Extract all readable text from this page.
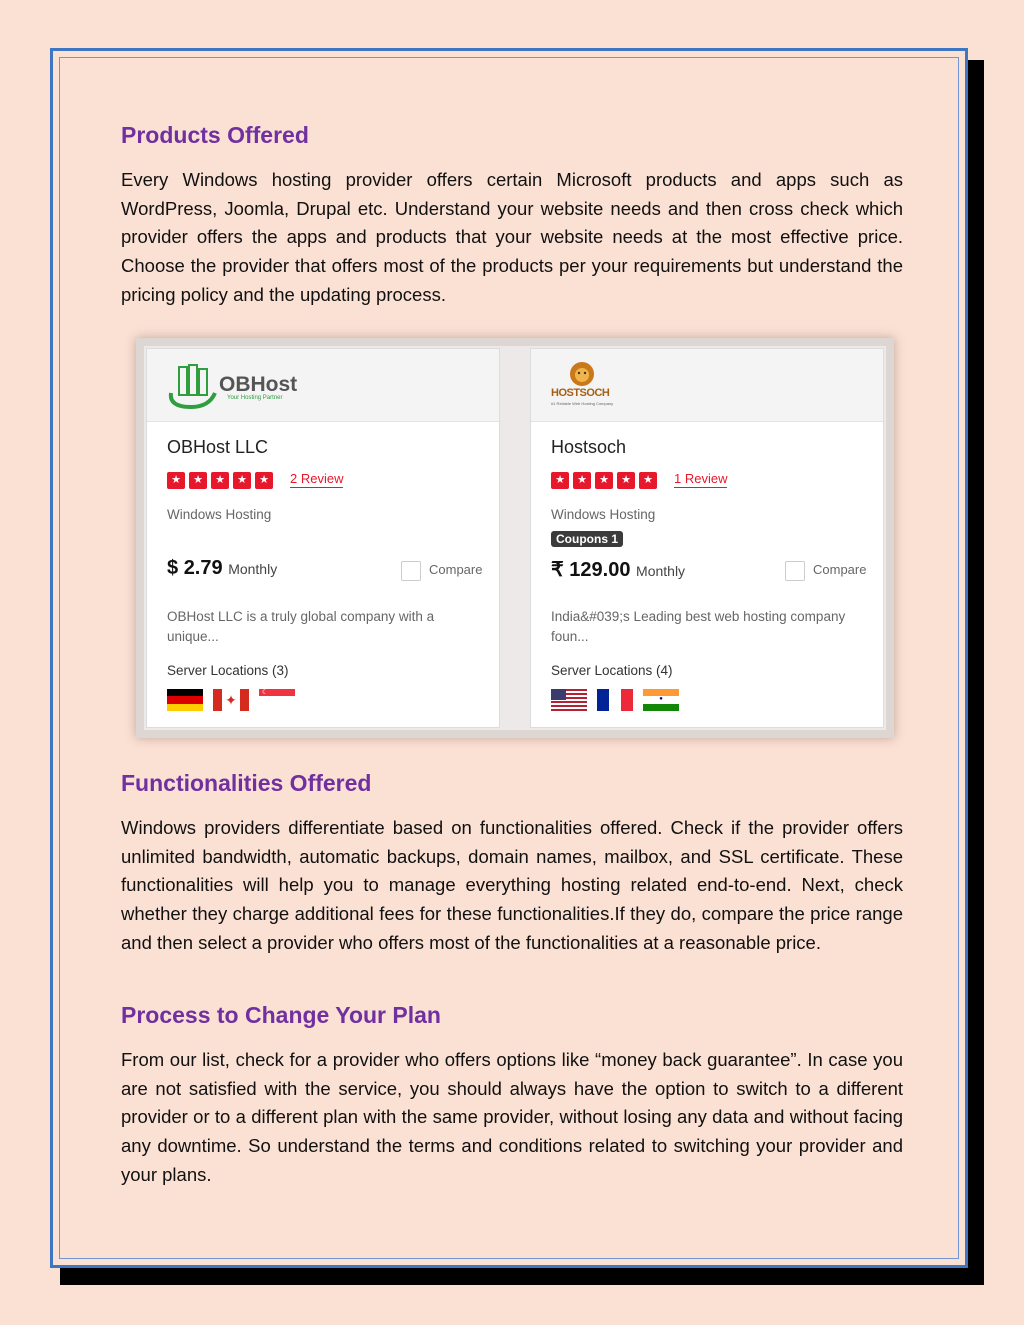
Products Offered

Every Windows hosting provider offers certain Microsoft products and apps such as WordPress, Joomla, Drupal etc. Understand your website needs and then cross check which provider offers the apps and products that your website needs at the most effective price. Choose the provider that offers most of the products per your requirements but understand the pricing policy and the updating process.

OBHost
Your Hosting Partner
OBHost LLC
★	★	★	★	★	2 Review
Windows Hosting
$ 2.79 Monthly	Compare
OBHost LLC is a truly global company with a unique...
Server Locations (3)
✦	☾
HOSTSOCH
#1 Reliable Web Hosting Company
Hostsoch
★	★	★	★	★	1 Review
Windows Hosting
Coupons 1
₹ 129.00 Monthly	Compare
India&#039;s Leading best web hosting company foun...
Server Locations (4)
●
Functionalities Offered

Windows providers differentiate based on functionalities offered. Check if the provider offers unlimited bandwidth, automatic backups, domain names, mailbox, and SSL certificate. These functionalities will help you to manage everything hosting related end-to-end. Next, check whether they charge additional fees for these functionalities.If they do, compare the price range and then select a provider who offers most of the functionalities at a reasonable price.

Process to Change Your Plan

From our list, check for a provider who offers options like “money back guarantee”. In case you are not satisfied with the service, you should always have the option to switch to a different provider or to a different plan with the same provider, without losing any data and without facing any downtime. So understand the terms and conditions related to switching your provider and your plans.
